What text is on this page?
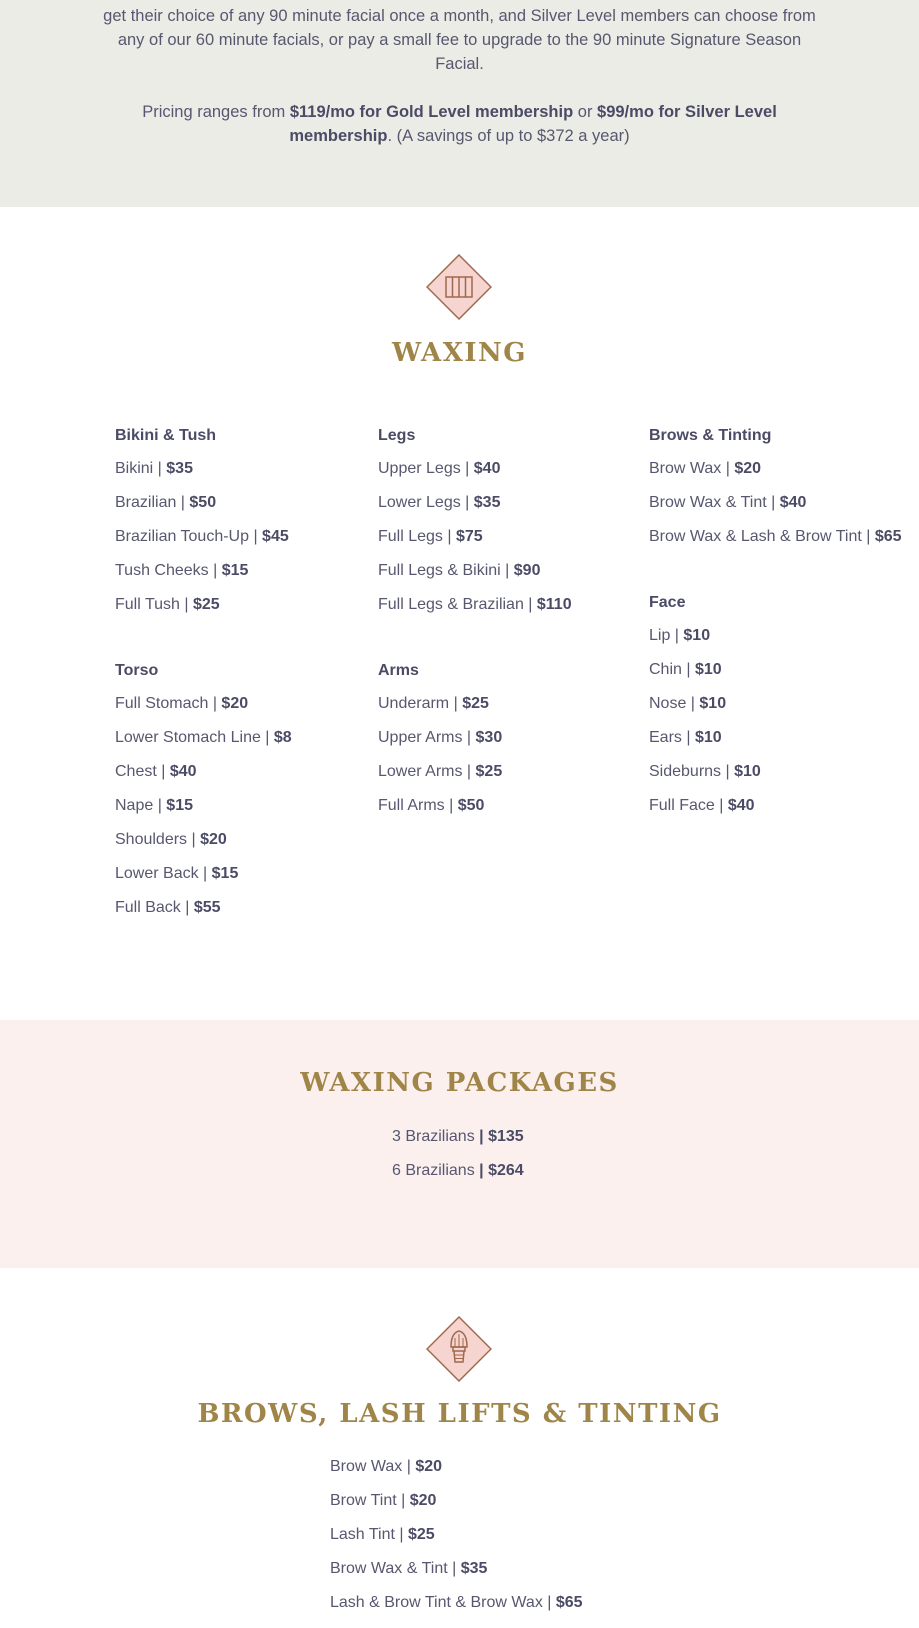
get their choice of any 90 minute facial once a month, and Silver Level members can choose from
any of our 60 minute facials, or pay a small fee to upgrade to the 90 minute Signature Season
Facial.

Pricing ranges from $119/mo for Gold Level membership or $99/mo for Silver Level
membership. (A savings of up to $372 a year)

WAXING
Bikini & Tush
Bikini | $35
Brazilian | $50
Brazilian Touch-Up | $45
Tush Cheeks | $15
Full Tush | $25
Torso
Full Stomach | $20
Lower Stomach Line | $8
Chest | $40
Nape | $15
Shoulders | $20
Lower Back | $15
Full Back | $55
Legs
Upper Legs | $40
Lower Legs | $35
Full Legs | $75
Full Legs & Bikini | $90
Full Legs & Brazilian | $110
Arms
Underarm | $25
Upper Arms | $30
Lower Arms | $25
Full Arms | $50
Brows & Tinting
Brow Wax | $20
Brow Wax & Tint | $40
Brow Wax & Lash & Brow Tint | $65
Face
Lip | $10
Chin | $10
Nose | $10
Ears | $10
Sideburns | $10
Full Face | $40
WAXING PACKAGES
3 Brazilians | $135
6 Brazilians | $264
BROWS, LASH LIFTS & TINTING
Brow Wax | $20
Brow Tint | $20
Lash Tint | $25
Brow Wax & Tint | $35
Lash & Brow Tint & Brow Wax | $65
